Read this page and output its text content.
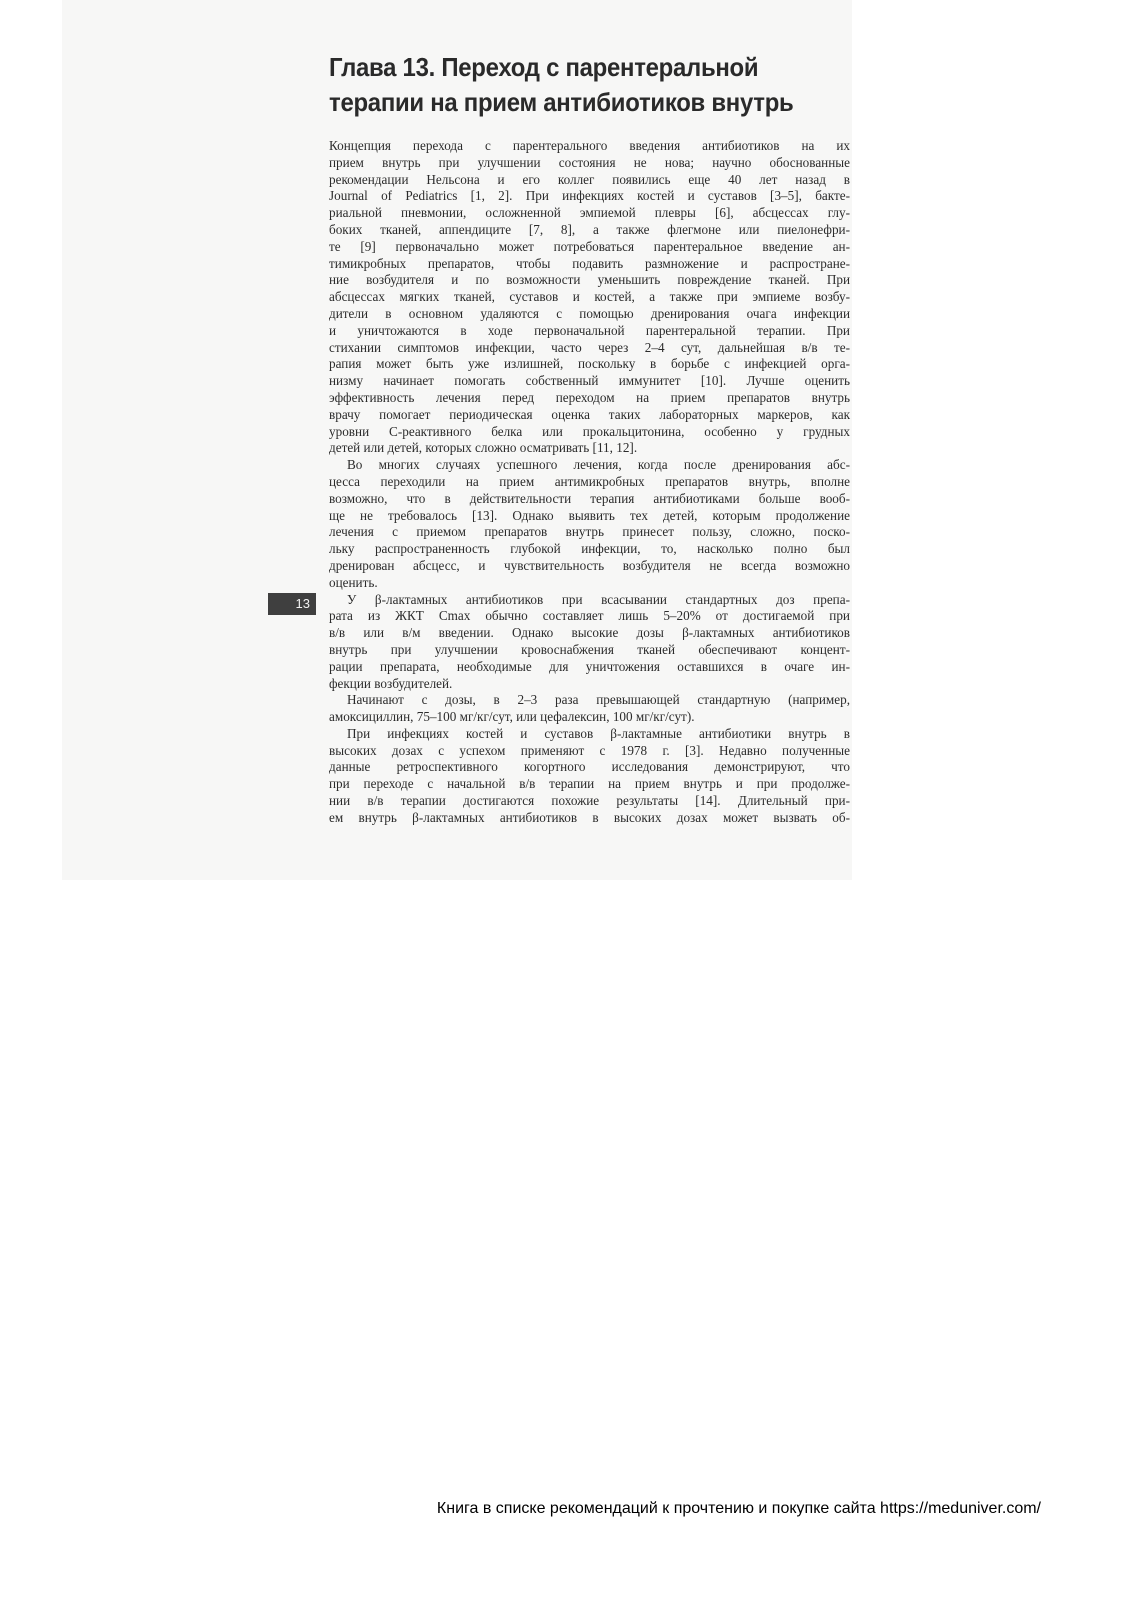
Глава 13. Переход с парентеральной
терапии на прием антибиотиков внутрь

Концепция перехода с парентерального введения антибиотиков на их
прием внутрь при улучшении состояния не нова; научно обоснованные
рекомендации Нельсона и его коллег появились еще 40 лет назад в
Journal of Pediatrics [1, 2]. При инфекциях костей и суставов [3–5], бакте-
риальной пневмонии, осложненной эмпиемой плевры [6], абсцессах глу-
боких тканей, аппендиците [7, 8], а также флегмоне или пиелонефри-
те [9] первоначально может потребоваться парентеральное введение ан-
тимикробных препаратов, чтобы подавить размножение и распростране-
ние возбудителя и по возможности уменьшить повреждение тканей. При
абсцессах мягких тканей, суставов и костей, а также при эмпиеме возбу-
дители в основном удаляются с помощью дренирования очага инфекции
и уничтожаются в ходе первоначальной парентеральной терапии. При
стихании симптомов инфекции, часто через 2–4 сут, дальнейшая в/в те-
рапия может быть уже излишней, поскольку в борьбе с инфекцией орга-
низму начинает помогать собственный иммунитет [10]. Лучше оценить
эффективность лечения перед переходом на прием препаратов внутрь
врачу помогает периодическая оценка таких лабораторных маркеров, как
уровни C-реактивного белка или прокальцитонина, особенно у грудных
детей или детей, которых сложно осматривать [11, 12].

Во многих случаях успешного лечения, когда после дренирования абс-
цесса переходили на прием антимикробных препаратов внутрь, вполне
возможно, что в действительности терапия антибиотиками больше вооб-
ще не требовалось [13]. Однако выявить тех детей, которым продолжение
лечения с приемом препаратов внутрь принесет пользу, сложно, поско-
льку распространенность глубокой инфекции, то, насколько полно был
дренирован абсцесс, и чувствительность возбудителя не всегда возможно
оценить.

У β-лактамных антибиотиков при всасывании стандартных доз препа-
рата из ЖКТ Cmax обычно составляет лишь 5–20% от достигаемой при
в/в или в/м введении. Однако высокие дозы β-лактамных антибиотиков
внутрь при улучшении кровоснабжения тканей обеспечивают концент-
рации препарата, необходимые для уничтожения оставшихся в очаге ин-
фекции возбудителей.

Начинают с дозы, в 2–3 раза превышающей стандартную (например,
амоксициллин, 75–100 мг/кг/сут, или цефалексин, 100 мг/кг/сут).

При инфекциях костей и суставов β-лактамные антибиотики внутрь в
высоких дозах с успехом применяют с 1978 г. [3]. Недавно полученные
данные ретроспективного когортного исследования демонстрируют, что
при переходе с начальной в/в терапии на прием внутрь и при продолже-
нии в/в терапии достигаются похожие результаты [14]. Длительный при-
ем внутрь β-лактамных антибиотиков в высоких дозах может вызвать об-

13
Книга в списке рекомендаций к прочтению и покупке сайта https://meduniver.com/
